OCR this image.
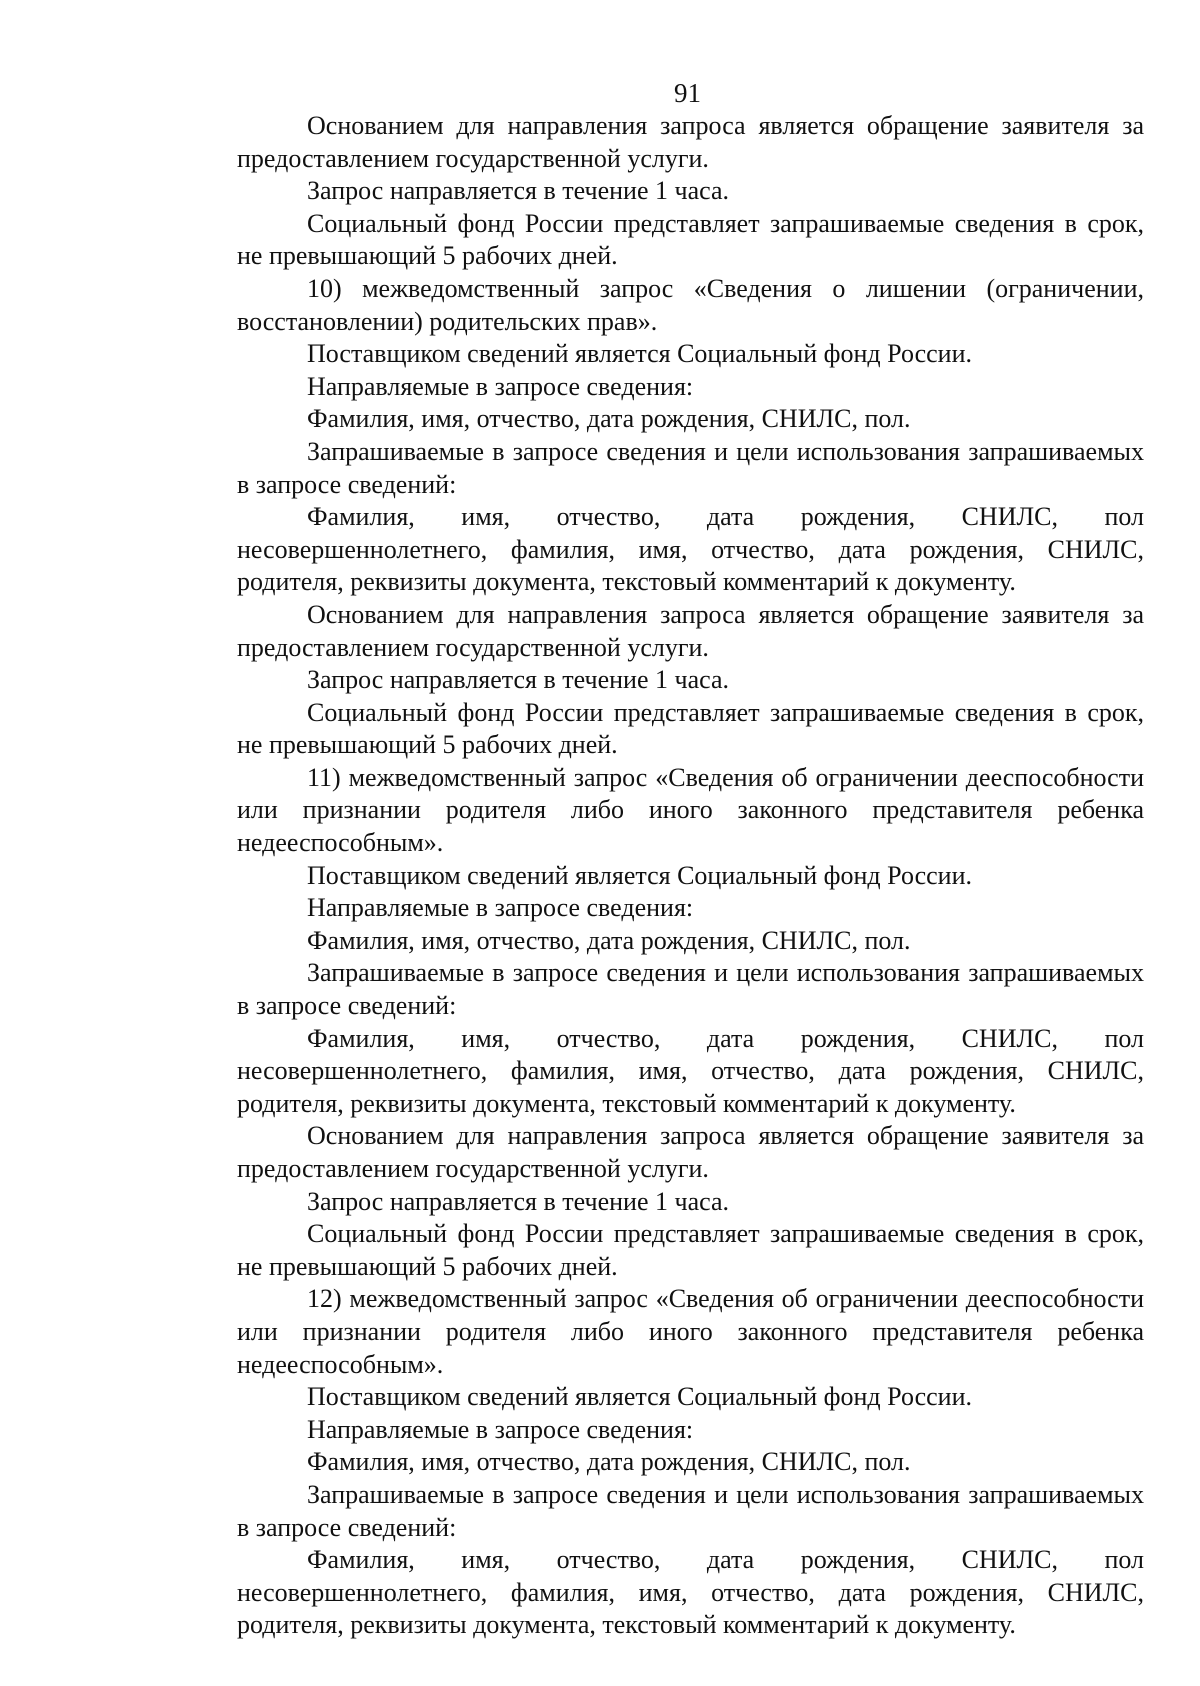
91

Основанием для направления запроса является обращение заявителя за предоставлением государственной услуги.

Запрос направляется в течение 1 часа.

Социальный фонд России представляет запрашиваемые сведения в срок, не превышающий 5 рабочих дней.

10) межведомственный запрос «Сведения о лишении (ограничении, восстановлении) родительских прав».

Поставщиком сведений является Социальный фонд России.

Направляемые в запросе сведения:

Фамилия, имя, отчество, дата рождения, СНИЛС, пол.

Запрашиваемые в запросе сведения и цели использования запрашиваемых в запросе сведений:

Фамилия, имя, отчество, дата рождения, СНИЛС, пол несовершеннолетнего, фамилия, имя, отчество, дата рождения, СНИЛС, родителя, реквизиты документа, текстовый комментарий к документу.

Основанием для направления запроса является обращение заявителя за предоставлением государственной услуги.

Запрос направляется в течение 1 часа.

Социальный фонд России представляет запрашиваемые сведения в срок, не превышающий 5 рабочих дней.

11) межведомственный запрос «Сведения об ограничении дееспособности или признании родителя либо иного законного представителя ребенка недееспособным».

Поставщиком сведений является Социальный фонд России.

Направляемые в запросе сведения:

Фамилия, имя, отчество, дата рождения, СНИЛС, пол.

Запрашиваемые в запросе сведения и цели использования запрашиваемых в запросе сведений:

Фамилия, имя, отчество, дата рождения, СНИЛС, пол несовершеннолетнего, фамилия, имя, отчество, дата рождения, СНИЛС, родителя, реквизиты документа, текстовый комментарий к документу.

Основанием для направления запроса является обращение заявителя за предоставлением государственной услуги.

Запрос направляется в течение 1 часа.

Социальный фонд России представляет запрашиваемые сведения в срок, не превышающий 5 рабочих дней.

12) межведомственный запрос «Сведения об ограничении дееспособности или признании родителя либо иного законного представителя ребенка недееспособным».

Поставщиком сведений является Социальный фонд России.

Направляемые в запросе сведения:

Фамилия, имя, отчество, дата рождения, СНИЛС, пол.

Запрашиваемые в запросе сведения и цели использования запрашиваемых в запросе сведений:

Фамилия, имя, отчество, дата рождения, СНИЛС, пол несовершеннолетнего, фамилия, имя, отчество, дата рождения, СНИЛС, родителя, реквизиты документа, текстовый комментарий к документу.
